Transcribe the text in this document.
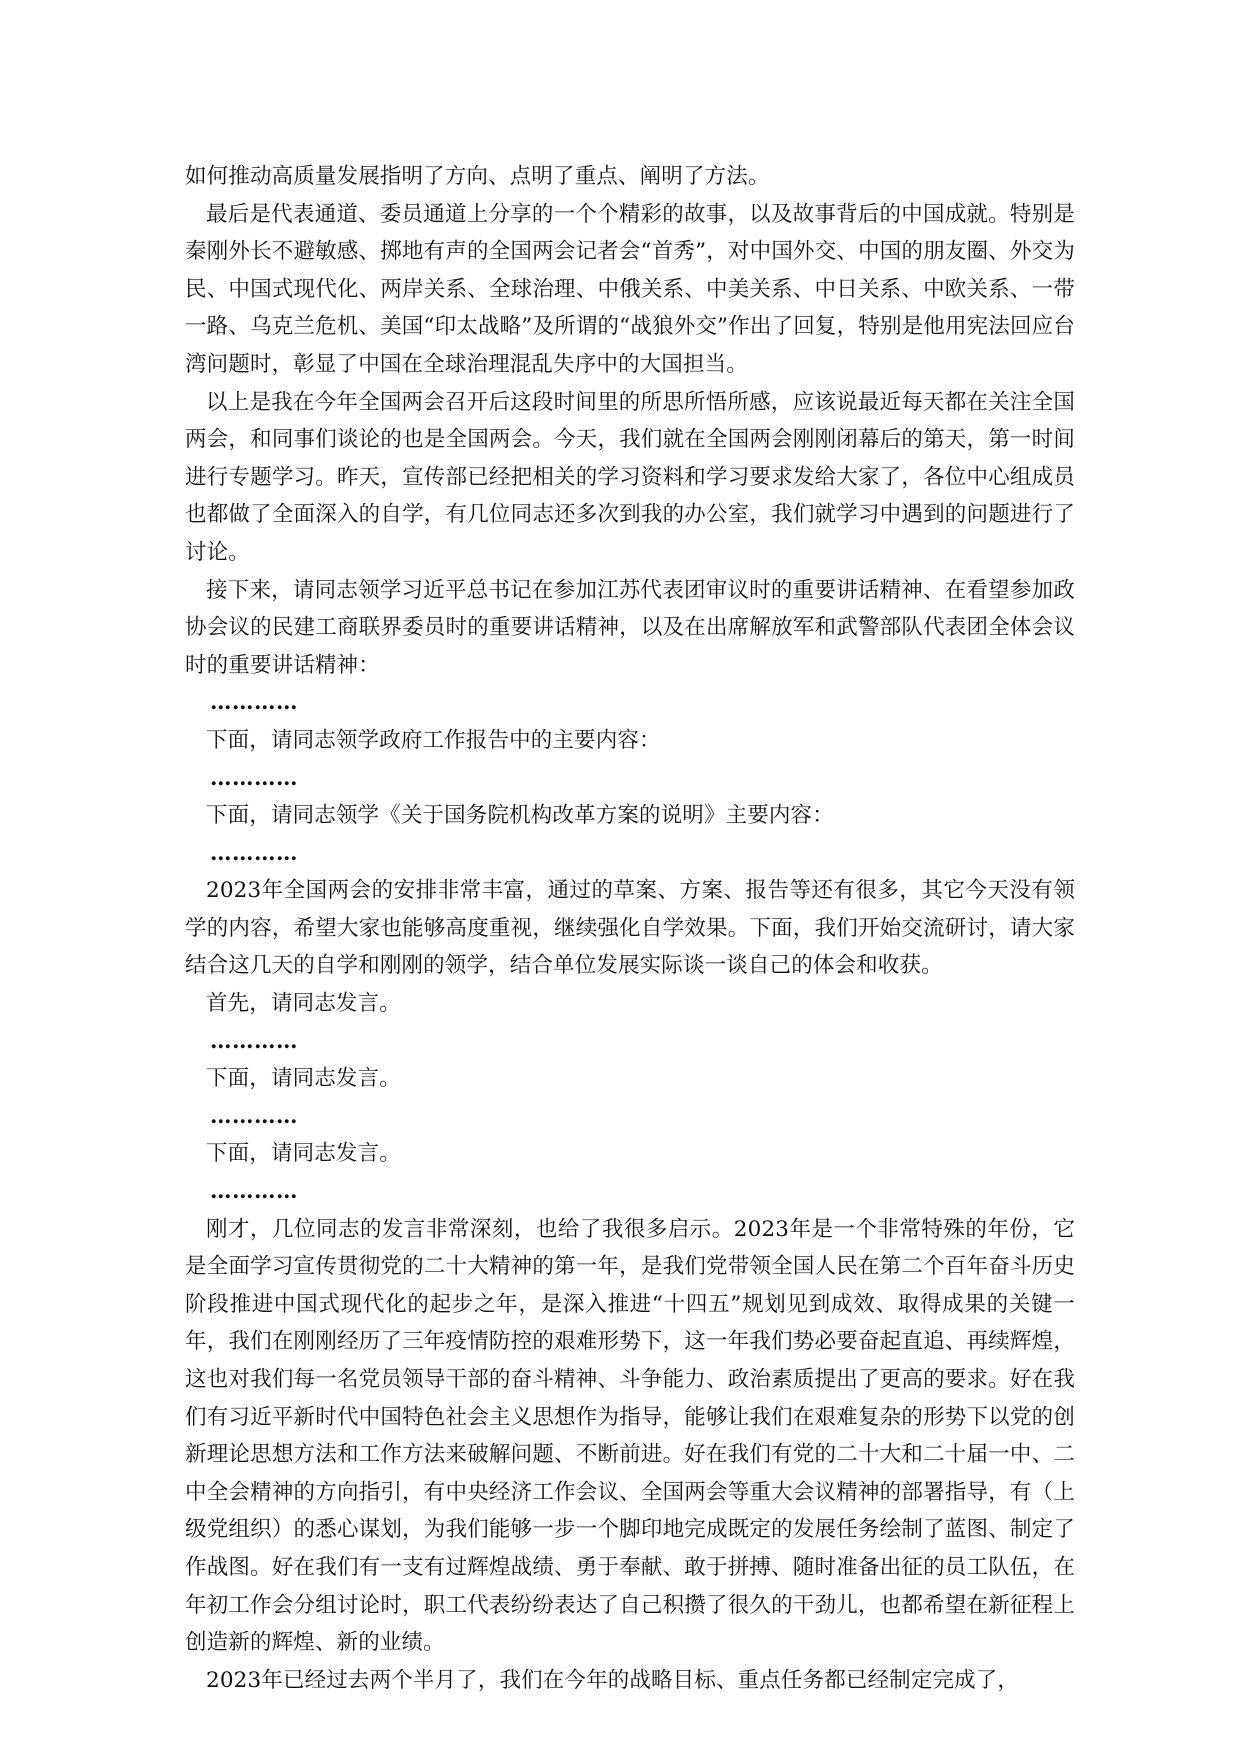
如何推动高质量发展指明了方向、点明了重点、阐明了方法。

最后是代表通道、委员通道上分享的一个个精彩的故事，以及故事背后的中国成就。特别是秦刚外长不避敏感、掷地有声的全国两会记者会“首秀”，对中国外交、中国的朋友圈、外交为民、中国式现代化、两岸关系、全球治理、中俄关系、中美关系、中日关系、中欧关系、一带一路、乌克兰危机、美国“印太战略”及所谓的“战狼外交”作出了回复，特别是他用宪法回应台湾问题时，彰显了中国在全球治理混乱失序中的大国担当。

以上是我在今年全国两会召开后这段时间里的所思所悟所感，应该说最近每天都在关注全国两会，和同事们谈论的也是全国两会。今天，我们就在全国两会刚刚闭幕后的第天，第一时间进行专题学习。昨天，宣传部已经把相关的学习资料和学习要求发给大家了，各位中心组成员也都做了全面深入的自学，有几位同志还多次到我的办公室，我们就学习中遇到的问题进行了讨论。

接下来，请同志领学习近平总书记在参加江苏代表团审议时的重要讲话精神、在看望参加政协会议的民建工商联界委员时的重要讲话精神，以及在出席解放军和武警部队代表团全体会议时的重要讲话精神：

…………

下面，请同志领学政府工作报告中的主要内容：

…………

下面，请同志领学《关于国务院机构改革方案的说明》主要内容：

…………

2023年全国两会的安排非常丰富，通过的草案、方案、报告等还有很多，其它今天没有领学的内容，希望大家也能够高度重视，继续强化自学效果。下面，我们开始交流研讨，请大家结合这几天的自学和刚刚的领学，结合单位发展实际谈一谈自己的体会和收获。

首先，请同志发言。

…………

下面，请同志发言。

…………

下面，请同志发言。

…………

刚才，几位同志的发言非常深刻，也给了我很多启示。2023年是一个非常特殊的年份，它是全面学习宣传贯彻党的二十大精神的第一年，是我们党带领全国人民在第二个百年奋斗历史阶段推进中国式现代化的起步之年，是深入推进“十四五”规划见到成效、取得成果的关键一年，我们在刚刚经历了三年疫情防控的艰难形势下，这一年我们势必要奋起直追、再续辉煌，这也对我们每一名党员领导干部的奋斗精神、斗争能力、政治素质提出了更高的要求。好在我们有习近平新时代中国特色社会主义思想作为指导，能够让我们在艰难复杂的形势下以党的创新理论思想方法和工作方法来破解问题、不断前进。好在我们有党的二十大和二十届一中、二中全会精神的方向指引，有中央经济工作会议、全国两会等重大会议精神的部署指导，有（上级党组织）的悉心谋划，为我们能够一步一个脚印地完成既定的发展任务绘制了蓝图、制定了作战图。好在我们有一支有过辉煌战绩、勇于奉献、敢于拼搏、随时准备出征的员工队伍，在年初工作会分组讨论时，职工代表纷纷表达了自己积攒了很久的干劲儿，也都希望在新征程上创造新的辉煌、新的业绩。

2023年已经过去两个半月了，我们在今年的战略目标、重点任务都已经制定完成了，
